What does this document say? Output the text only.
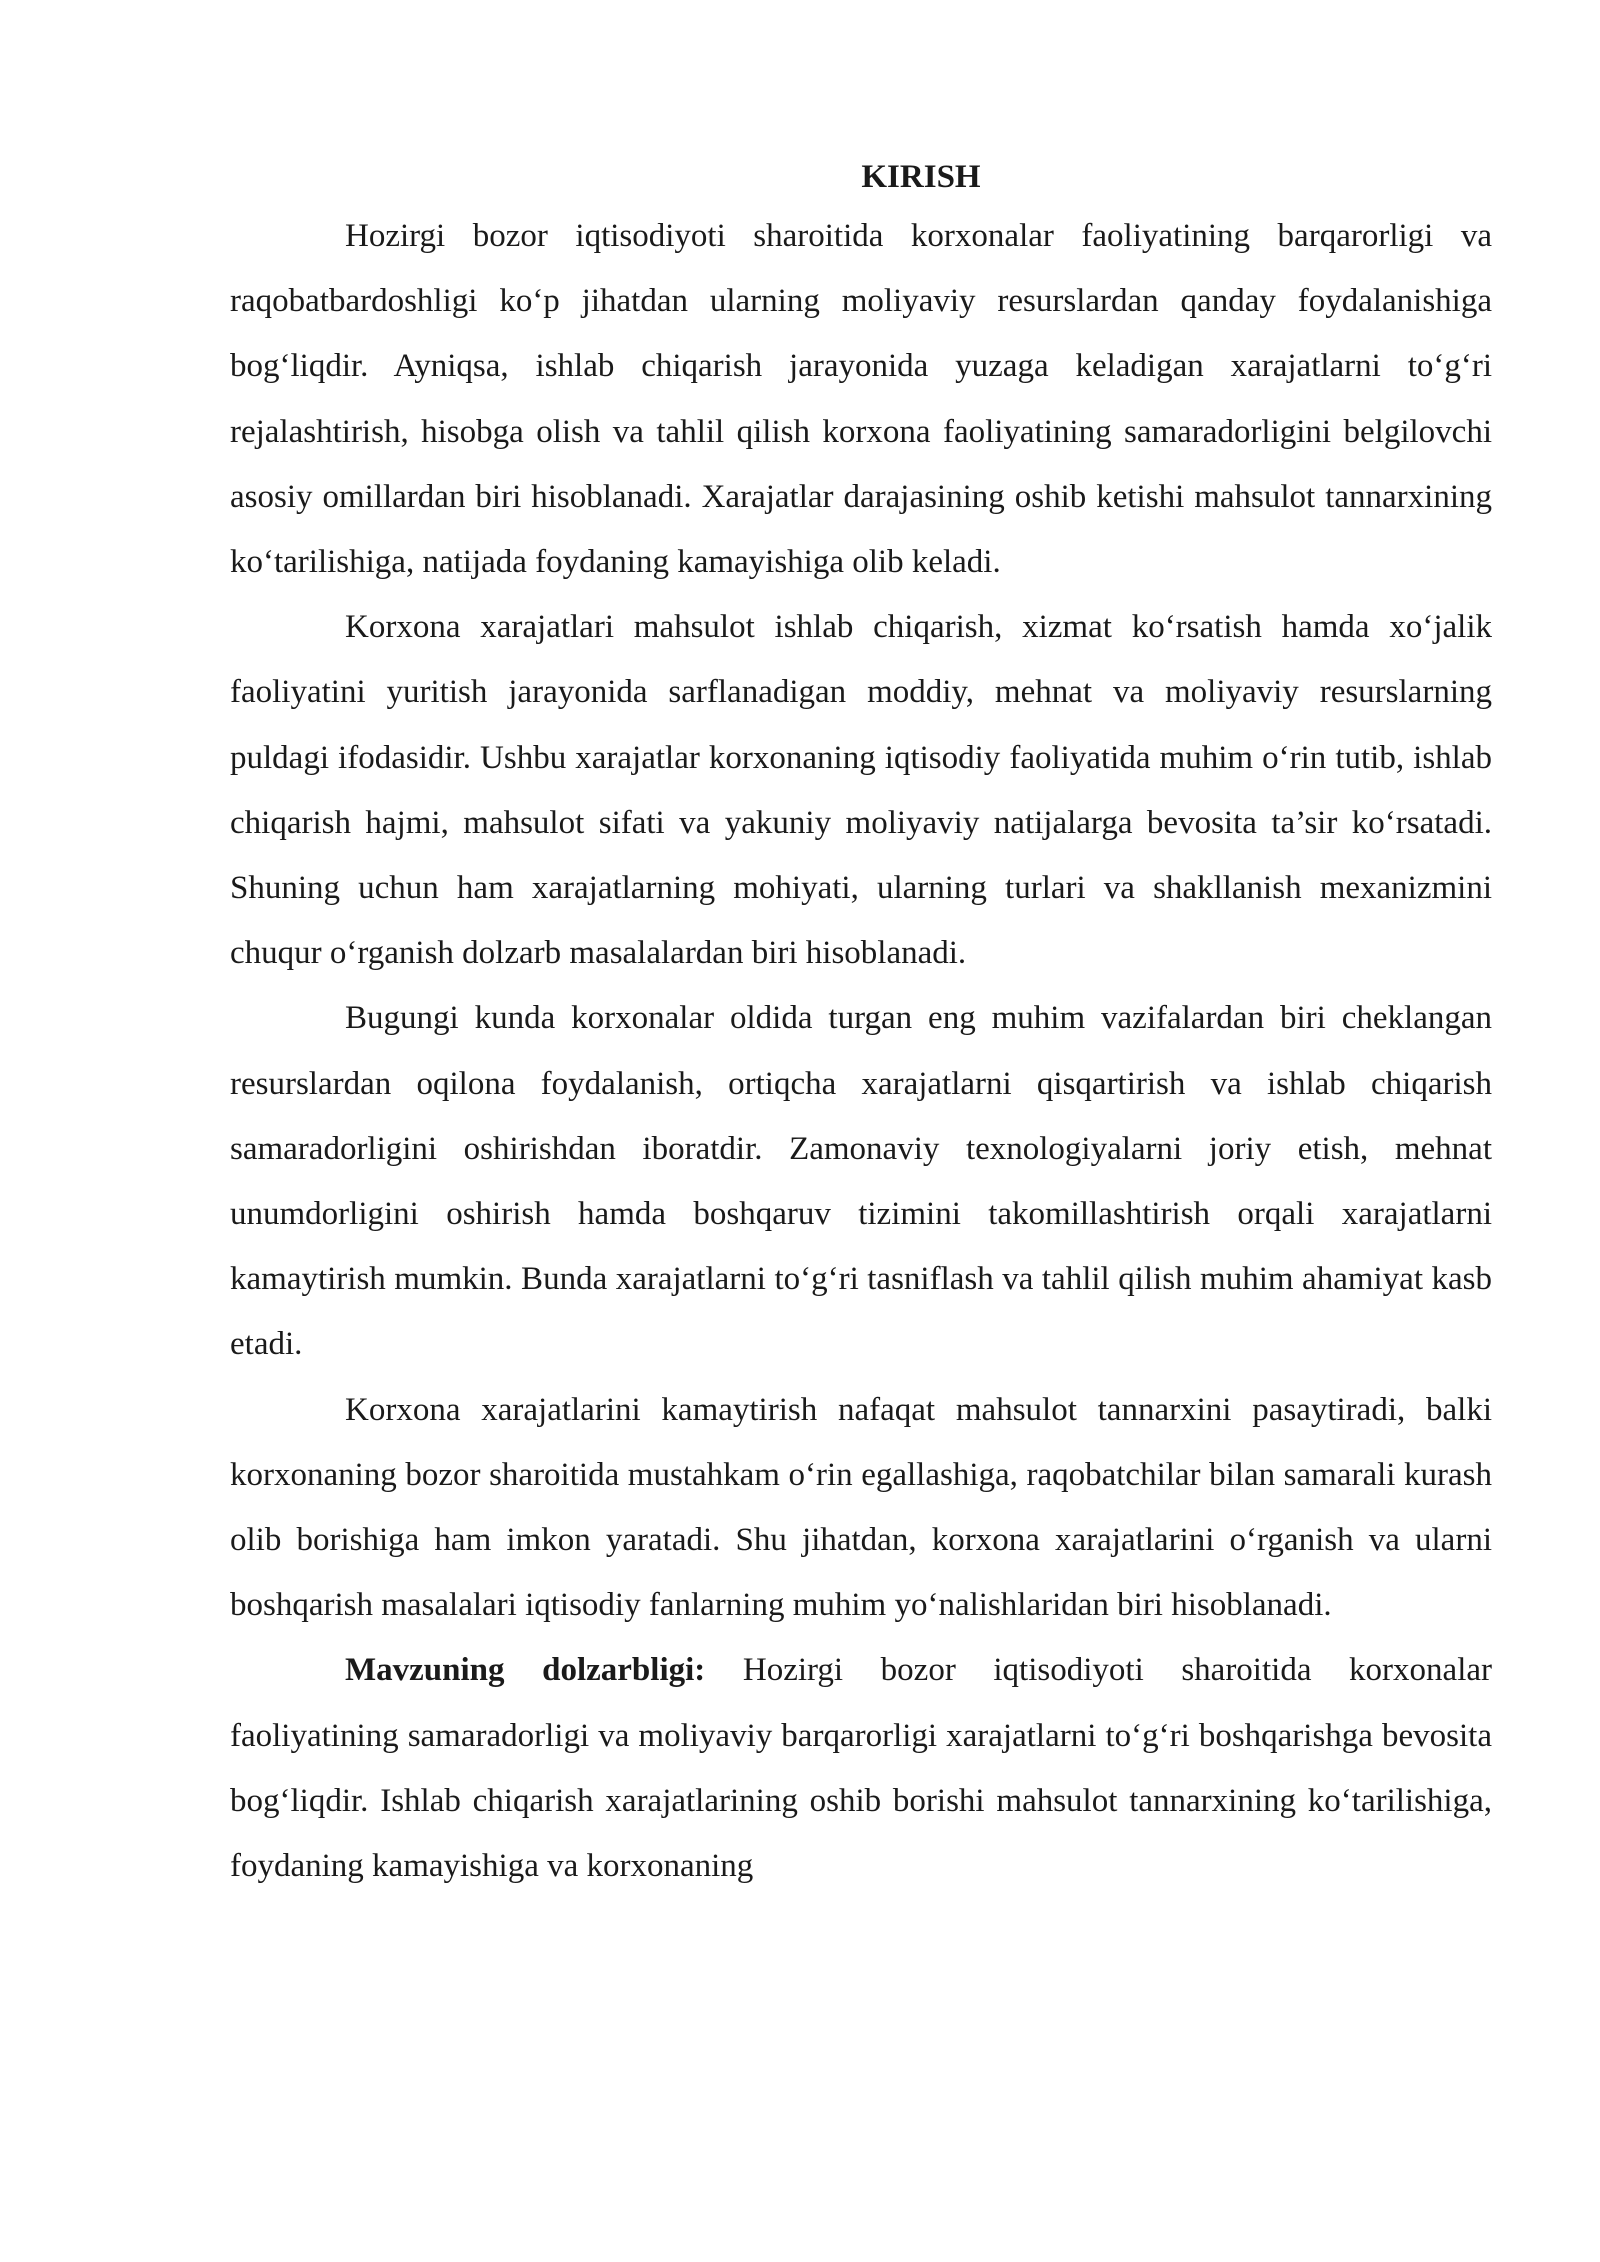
KIRISH

Hozirgi bozor iqtisodiyoti sharoitida korxonalar faoliyatining barqarorligi va raqobatbardoshligi ko‘p jihatdan ularning moliyaviy resurslardan qanday foydalanishiga bog‘liqdir. Ayniqsa, ishlab chiqarish jarayonida yuzaga keladigan xarajatlarni to‘g‘ri rejalashtirish, hisobga olish va tahlil qilish korxona faoliyatining samaradorligini belgilovchi asosiy omillardan biri hisoblanadi. Xarajatlar darajasining oshib ketishi mahsulot tannarxining ko‘tarilishiga, natijada foydaning kamayishiga olib keladi.

Korxona xarajatlari mahsulot ishlab chiqarish, xizmat ko‘rsatish hamda xo‘jalik faoliyatini yuritish jarayonida sarflanadigan moddiy, mehnat va moliyaviy resurslarning puldagi ifodasidir. Ushbu xarajatlar korxonaning iqtisodiy faoliyatida muhim o‘rin tutib, ishlab chiqarish hajmi, mahsulot sifati va yakuniy moliyaviy natijalarga bevosita ta’sir ko‘rsatadi. Shuning uchun ham xarajatlarning mohiyati, ularning turlari va shakllanish mexanizmini chuqur o‘rganish dolzarb masalalardan biri hisoblanadi.

Bugungi kunda korxonalar oldida turgan eng muhim vazifalardan biri cheklangan resurslardan oqilona foydalanish, ortiqcha xarajatlarni qisqartirish va ishlab chiqarish samaradorligini oshirishdan iboratdir. Zamonaviy texnologiyalarni joriy etish, mehnat unumdorligini oshirish hamda boshqaruv tizimini takomillashtirish orqali xarajatlarni kamaytirish mumkin. Bunda xarajatlarni to‘g‘ri tasniflash va tahlil qilish muhim ahamiyat kasb etadi.

Korxona xarajatlarini kamaytirish nafaqat mahsulot tannarxini pasaytiradi, balki korxonaning bozor sharoitida mustahkam o‘rin egallashiga, raqobatchilar bilan samarali kurash olib borishiga ham imkon yaratadi. Shu jihatdan, korxona xarajatlarini o‘rganish va ularni boshqarish masalalari iqtisodiy fanlarning muhim yo‘nalishlaridan biri hisoblanadi.

Mavzuning dolzarbligi: Hozirgi bozor iqtisodiyoti sharoitida korxonalar faoliyatining samaradorligi va moliyaviy barqarorligi xarajatlarni to‘g‘ri boshqarishga bevosita bog‘liqdir. Ishlab chiqarish xarajatlarining oshib borishi mahsulot tannarxining ko‘tarilishiga, foydaning kamayishiga va korxonaning
